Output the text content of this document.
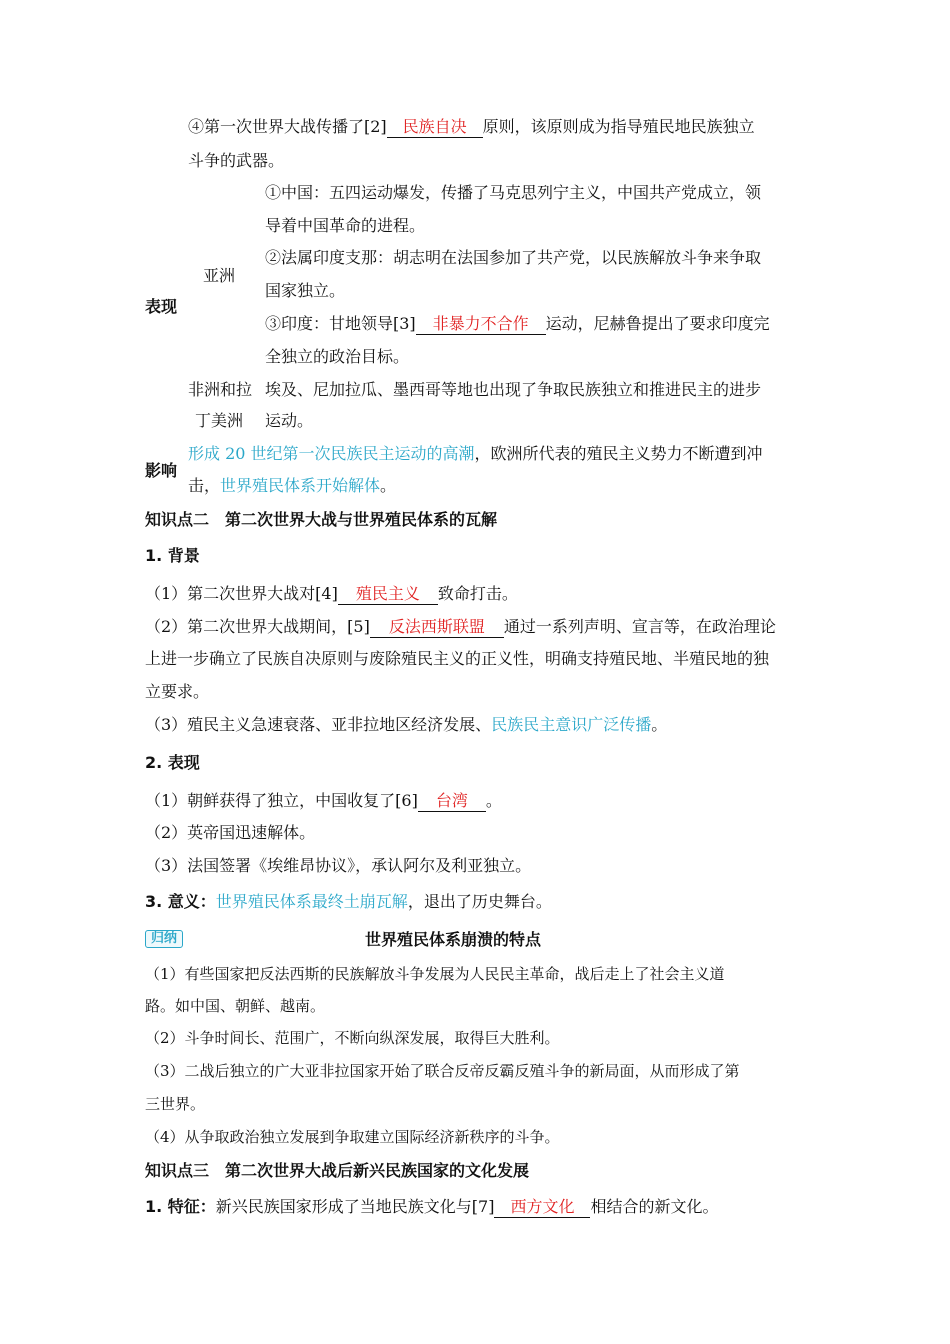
④第一次世界大战传播了[2] 民族自决 原则，该原则成为指导殖民地民族独立
斗争的武器。
表现
亚洲
①中国：五四运动爆发，传播了马克思列宁主义，中国共产党成立，领
导着中国革命的进程。
②法属印度支那：胡志明在法国参加了共产党，以民族解放斗争来争取
国家独立。
③印度：甘地领导[3] 非暴力不合作 运动，尼赫鲁提出了要求印度完
全独立的政治目标。
非洲和拉
丁美洲
埃及、尼加拉瓜、墨西哥等地也出现了争取民族独立和推进民主的进步
运动。
影响
形成 20 世纪第一次民族民主运动的高潮，欧洲所代表的殖民主义势力不断遭到冲
击，世界殖民体系开始解体。
知识点二　第二次世界大战与世界殖民体系的瓦解
1. 背景
（1）第二次世界大战对[4] 殖民主义 致命打击。
（2）第二次世界大战期间，[5] 反法西斯联盟 通过一系列声明、宣言等，在政治理论
上进一步确立了民族自决原则与废除殖民主义的正义性，明确支持殖民地、半殖民地的独
立要求。
（3）殖民主义急速衰落、亚非拉地区经济发展、民族民主意识广泛传播。
2. 表现
（1）朝鲜获得了独立，中国收复了[6] 台湾 。
（2）英帝国迅速解体。
（3）法国签署《埃维昂协议》，承认阿尔及利亚独立。
3. 意义：世界殖民体系最终土崩瓦解，退出了历史舞台。
归纳	世界殖民体系崩溃的特点
（1）有些国家把反法西斯的民族解放斗争发展为人民民主革命，战后走上了社会主义道
路。如中国、朝鲜、越南。
（2）斗争时间长、范围广，不断向纵深发展，取得巨大胜利。
（3）二战后独立的广大亚非拉国家开始了联合反帝反霸反殖斗争的新局面，从而形成了第
三世界。
（4）从争取政治独立发展到争取建立国际经济新秩序的斗争。
知识点三　第二次世界大战后新兴民族国家的文化发展
1. 特征：新兴民族国家形成了当地民族文化与[7] 西方文化 相结合的新文化。
